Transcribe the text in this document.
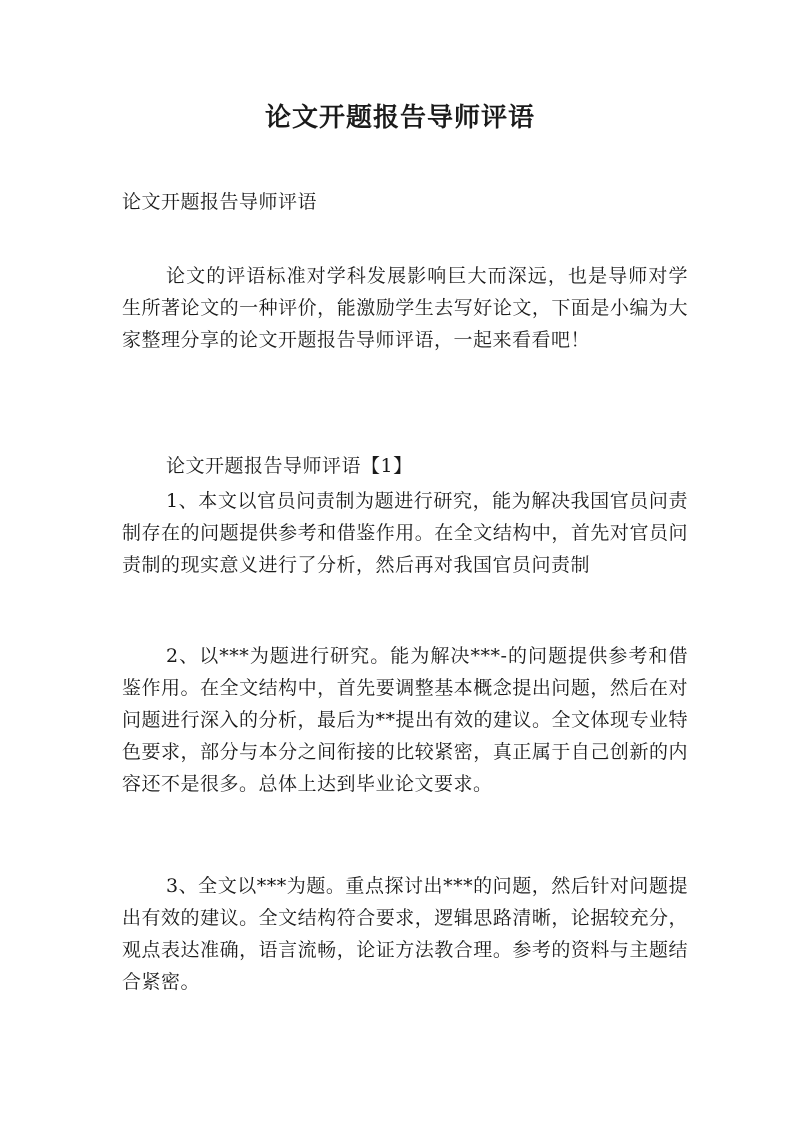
论文开题报告导师评语
论文开题报告导师评语
论文的评语标准对学科发展影响巨大而深远，也是导师对学生所著论文的一种评价，能激励学生去写好论文，下面是小编为大家整理分享的论文开题报告导师评语，一起来看看吧！
论文开题报告导师评语【1】
1、本文以官员问责制为题进行研究，能为解决我国官员问责制存在的问题提供参考和借鉴作用。在全文结构中，首先对官员问责制的现实意义进行了分析，然后再对我国官员问责制
2、以***为题进行研究。能为解决***-的问题提供参考和借鉴作用。在全文结构中，首先要调整基本概念提出问题，然后在对问题进行深入的分析，最后为**提出有效的建议。全文体现专业特色要求，部分与本分之间衔接的比较紧密，真正属于自己创新的内容还不是很多。总体上达到毕业论文要求。
3、全文以***为题。重点探讨出***的问题，然后针对问题提出有效的建议。全文结构符合要求，逻辑思路清晰，论据较充分，观点表达准确，语言流畅，论证方法教合理。参考的资料与主题结合紧密。
